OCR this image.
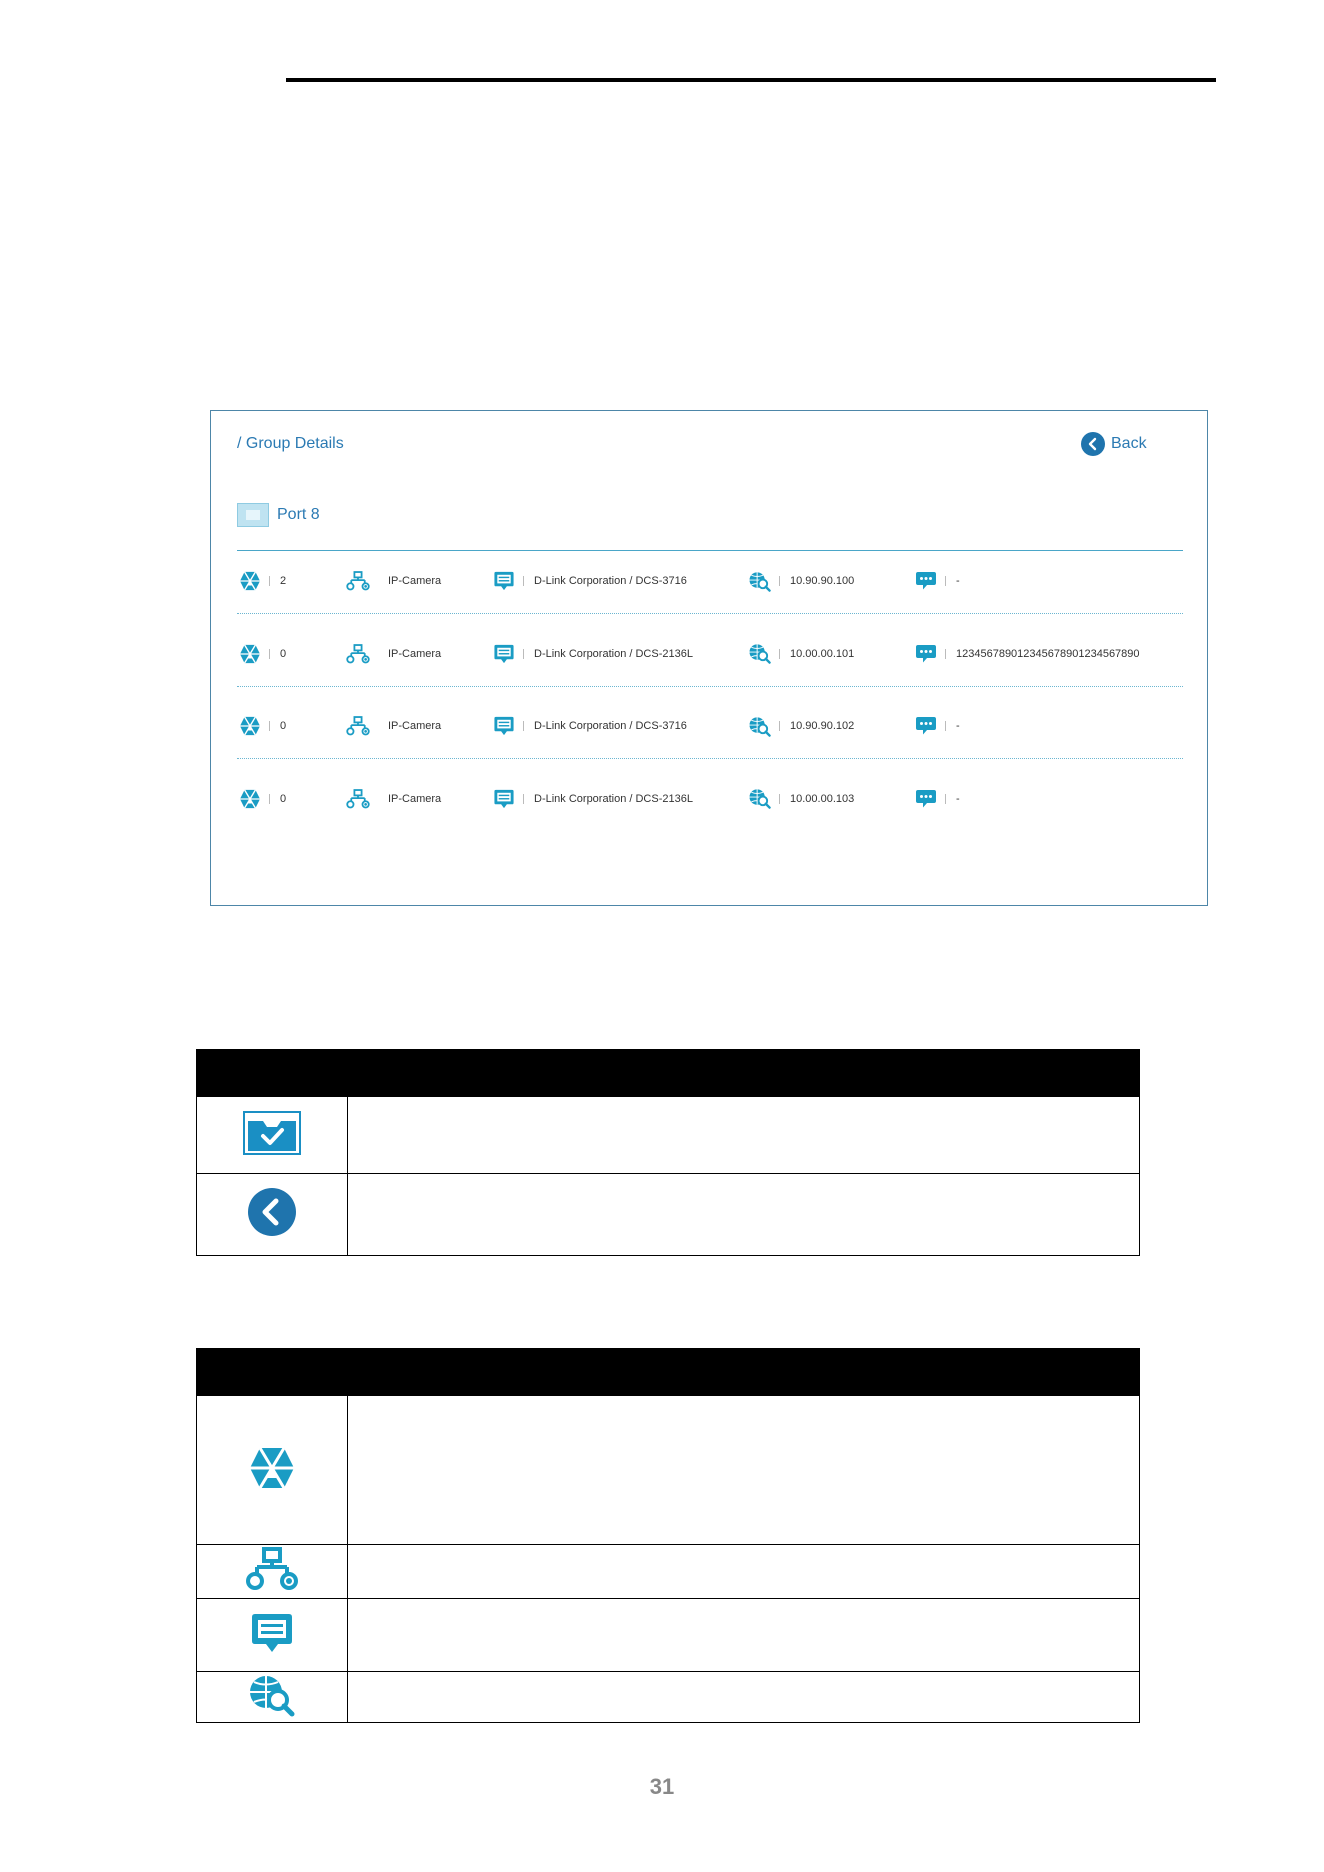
/ Group Details	Back
Port 8
2	IP-Camera	D-Link Corporation / DCS-3716	10.90.90.100	-
0	IP-Camera	D-Link Corporation / DCS-2136L	10.00.00.101	123456789012345678901234567890
0	IP-Camera	D-Link Corporation / DCS-3716	10.90.90.102	-
0	IP-Camera	D-Link Corporation / DCS-2136L	10.00.00.103	-

31
